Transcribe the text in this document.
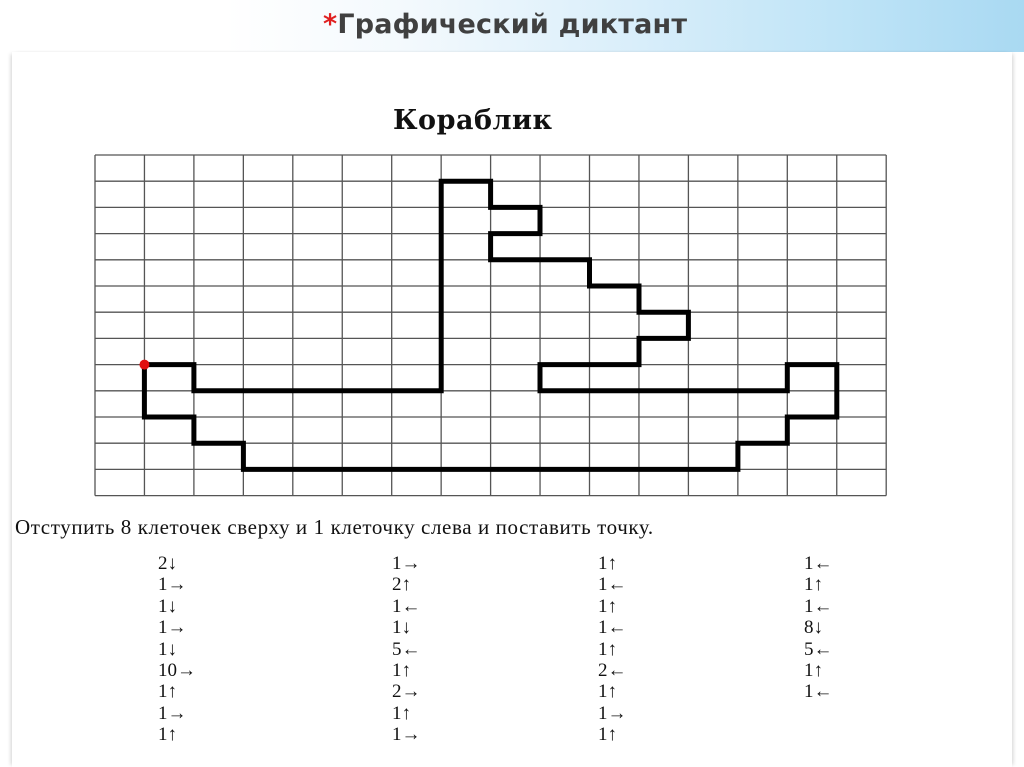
*Графический диктант
Кораблик

Отступить 8 клеточек сверху и 1 клеточку слева и поставить точку.

2↓
1→
1↓
1→
1↓
10→
1↑
1→
1↑
1→
2↑
1←
1↓
5←
1↑
2→
1↑
1→
1↑
1←
1↑
1←
1↑
2←
1↑
1→
1↑
1←
1↑
1←
8↓
5←
1↑
1←
